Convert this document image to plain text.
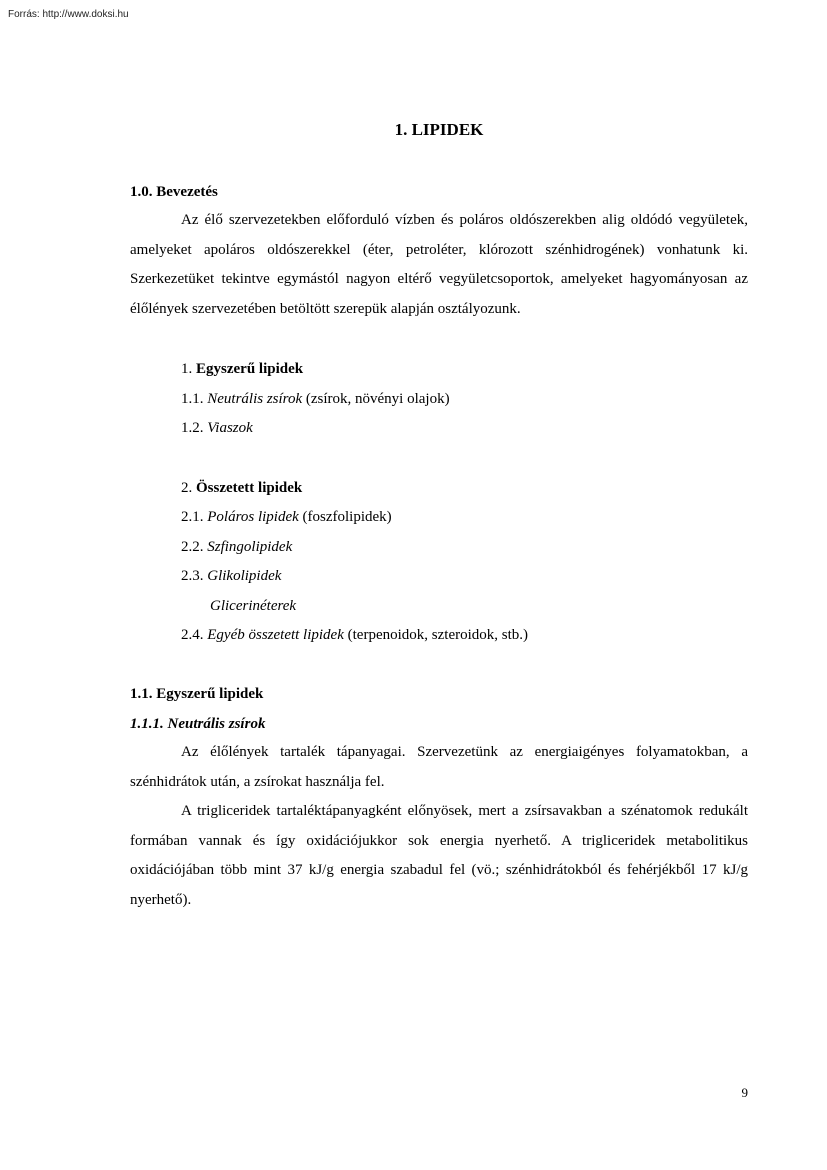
Forrás: http://www.doksi.hu
1. LIPIDEK
1.0. Bevezetés

Az élő szervezetekben előforduló vízben és poláros oldószerekben alig oldódó vegyületek, amelyeket apoláros oldószerekkel (éter, petroléter, klórozott szénhidrogének) vonhatunk ki. Szerkezetüket tekintve egymástól nagyon eltérő vegyületcsoportok, amelyeket hagyományosan az élőlények szervezetében betöltött szerepük alapján osztályozunk.

1. Egyszerű lipidek

1.1. Neutrális zsírok (zsírok, növényi olajok)

1.2. Viaszok

2. Összetett lipidek

2.1. Poláros lipidek (foszfolipidek)

2.2. Szfingolipidek

2.3. Glikolipidek

Glicerinéterek

2.4. Egyéb összetett lipidek (terpenoidok, szteroidok, stb.)

1.1. Egyszerű lipidek
1.1.1. Neutrális zsírok

Az élőlények tartalék tápanyagai. Szervezetünk az energiaigényes folyamatokban, a szénhidrátok után, a zsírokat használja fel.

A trigliceridek tartaléktápanyagként előnyösek, mert a zsírsavakban a szénatomok redukált formában vannak és így oxidációjukkor sok energia nyerhető. A trigliceridek metabolitikus oxidációjában több mint 37 kJ/g energia szabadul fel (vö.; szénhidrátokból és fehérjékből 17 kJ/g nyerhető).

9
